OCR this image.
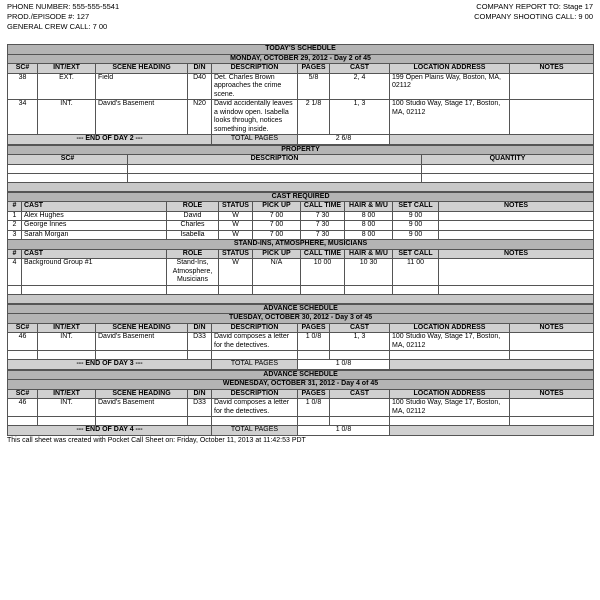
PHONE NUMBER: 555-555-5541
PROD./EPISODE #: 127
GENERAL CREW CALL: 7 00
COMPANY REPORT TO: Stage 17
COMPANY SHOOTING CALL: 9 00
TODAY'S SCHEDULE								
MONDAY, OCTOBER 29, 2012 - Day 2 of 45								
SC#	INT/EXT	SCENE HEADING	D/N	DESCRIPTION	PAGES	CAST	LOCATION ADDRESS	NOTES
38	EXT.	Field	D40	Det. Charles Brown approaches the crime scene.	5/8	2, 4	199 Open Plains Way, Boston, MA, 02112	
34	INT.	David's Basement	N20	David accidentally leaves a window open. Isabella looks through, notices something inside.	2 1/8	1, 3	100 Studio Way, Stage 17, Boston, MA, 02112	
--- END OF DAY 2 ---				TOTAL PAGES	2 6/8			
PROPERTY		
SC#	DESCRIPTION	QUANTITY

CAST REQUIRED								
#	CAST	ROLE	STATUS	PICK UP	CALL TIME	HAIR & M/U	SET CALL	NOTES
1	Alex Hughes	David	W	7 00	7 30	8 00	9 00	
2	George Innes	Charles	W	7 00	7 30	8 00	9 00	
3	Sarah Morgan	Isabella	W	7 00	7 30	8 00	9 00	
STAND-INS, ATMOSPHERE, MUSICIANS								
#	CAST	ROLE	STATUS	PICK UP	CALL TIME	HAIR & M/U	SET CALL	NOTES
4	Background Group #1	Stand-Ins, Atmosphere, Musicians	W	N/A	10 00	10 30	11 00	

ADVANCE SCHEDULE								
TUESDAY, OCTOBER 30, 2012 - Day 3 of 45								
SC#	INT/EXT	SCENE HEADING	D/N	DESCRIPTION	PAGES	CAST	LOCATION ADDRESS	NOTES
46	INT.	David's Basement	D33	David composes a letter for the detectives.	1 0/8	1, 3	100 Studio Way, Stage 17, Boston, MA, 02112	

--- END OF DAY 3 ---				TOTAL PAGES	1 0/8			
ADVANCE SCHEDULE								
WEDNESDAY, OCTOBER 31, 2012 - Day 4 of 45								
SC#	INT/EXT	SCENE HEADING	D/N	DESCRIPTION	PAGES	CAST	LOCATION ADDRESS	NOTES
46	INT.	David's Basement	D33	David composes a letter for the detectives.	1 0/8		100 Studio Way, Stage 17, Boston, MA, 02112	

--- END OF DAY 4 ---				TOTAL PAGES	1 0/8			
This call sheet was created with Pocket Call Sheet on: Friday, October 11, 2013 at 11:42:53 PDT
